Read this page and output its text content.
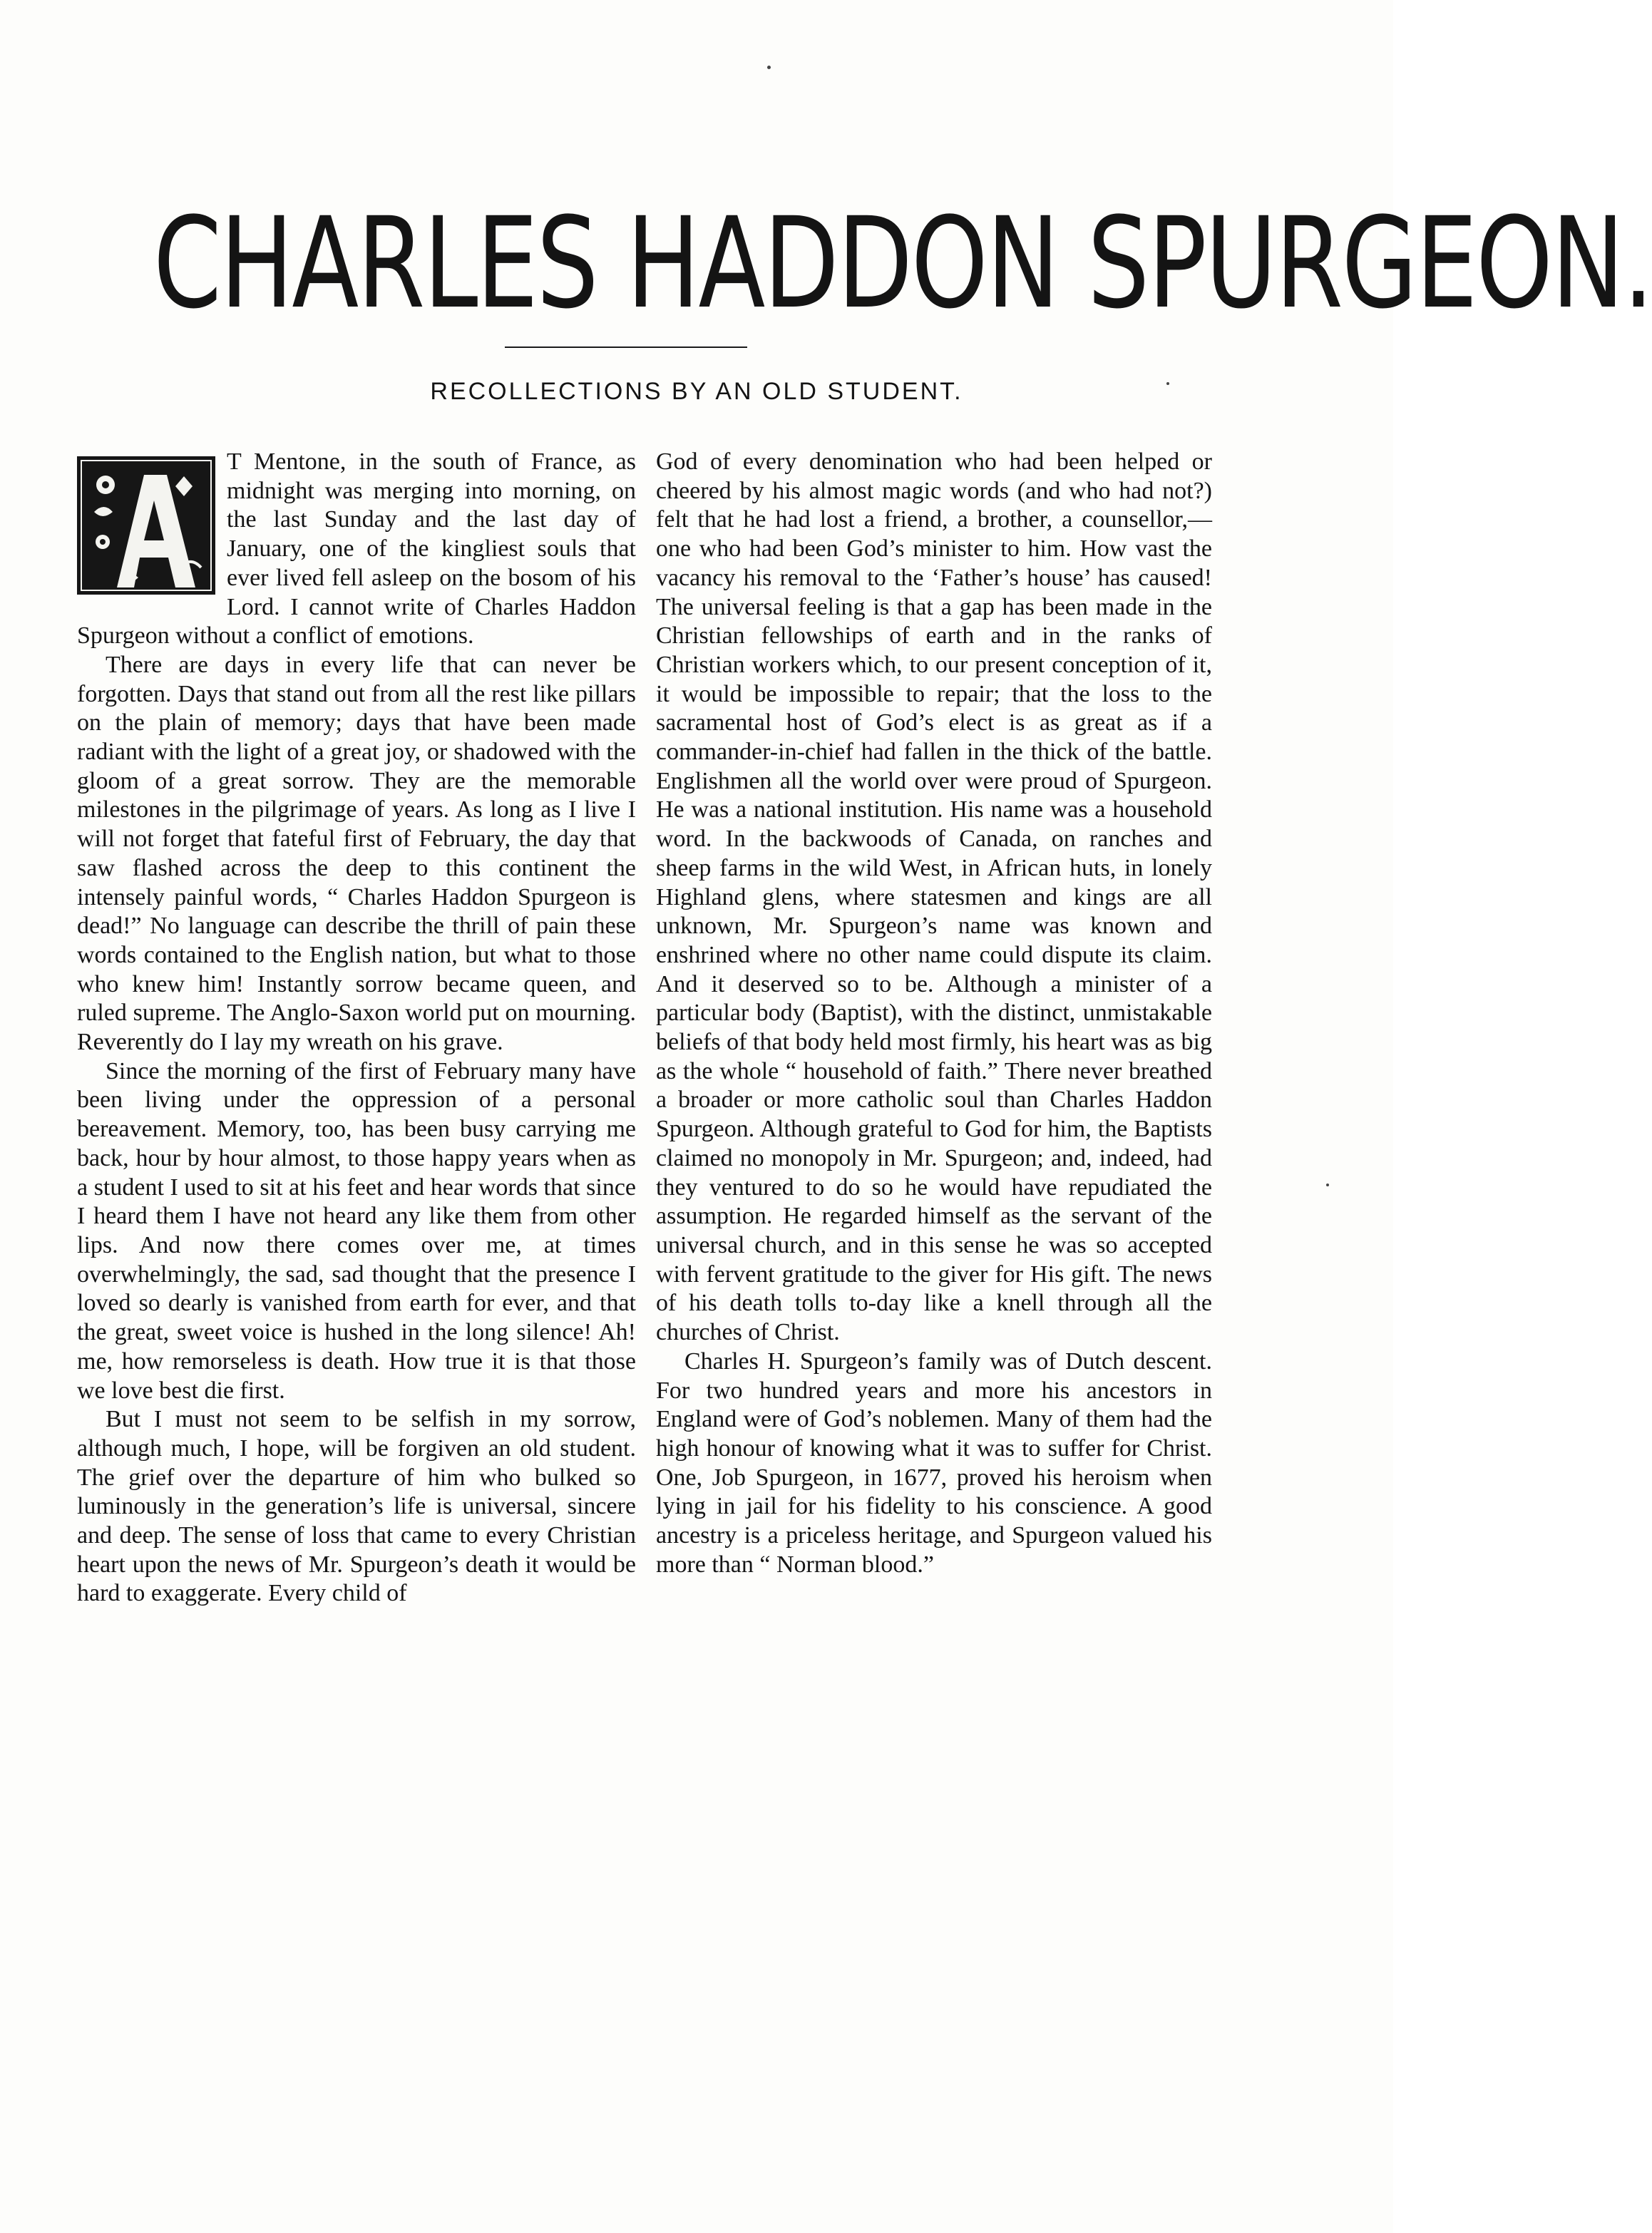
CHARLES HADDON SPURGEON.
RECOLLECTIONS BY AN OLD STUDENT.

T Mentone, in the south of France, as midnight was merging into morning, on the last Sunday and the last day of January, one of the kingliest souls that ever lived fell asleep on the bosom of his Lord. I cannot write of Charles Haddon Spurgeon without a conflict of emotions.

There are days in every life that can never be forgotten. Days that stand out from all the rest like pillars on the plain of memory; days that have been made radiant with the light of a great joy, or shadowed with the gloom of a great sorrow. They are the memorable milestones in the pilgrimage of years. As long as I live I will not forget that fateful first of February, the day that saw flashed across the deep to this continent the intensely painful words, “ Charles Haddon Spurgeon is dead!” No language can describe the thrill of pain these words contained to the English nation, but what to those who knew him! Instantly sorrow became queen, and ruled supreme. The Anglo-Saxon world put on mourning. Reverently do I lay my wreath on his grave.

Since the morning of the first of February many have been living under the oppression of a personal bereavement. Memory, too, has been busy carrying me back, hour by hour almost, to those happy years when as a student I used to sit at his feet and hear words that since I heard them I have not heard any like them from other lips. And now there comes over me, at times overwhelmingly, the sad, sad thought that the presence I loved so dearly is vanished from earth for ever, and that the great, sweet voice is hushed in the long silence! Ah! me, how remorseless is death. How true it is that those we love best die first.

But I must not seem to be selfish in my sorrow, although much, I hope, will be forgiven an old student. The grief over the departure of him who bulked so luminously in the generation’s life is universal, sincere and deep. The sense of loss that came to every Christian heart upon the news of Mr. Spurgeon’s death it would be hard to exaggerate. Every child of

God of every denomination who had been helped or cheered by his almost magic words (and who had not?) felt that he had lost a friend, a brother, a counsellor,—one who had been God’s minister to him. How vast the vacancy his removal to the ‘Father’s house’ has caused! The universal feeling is that a gap has been made in the Christian fellowships of earth and in the ranks of Christian workers which, to our present conception of it, it would be impossible to repair; that the loss to the sacramental host of God’s elect is as great as if a commander-in-chief had fallen in the thick of the battle. Englishmen all the world over were proud of Spurgeon. He was a national institution. His name was a household word. In the backwoods of Canada, on ranches and sheep farms in the wild West, in African huts, in lonely Highland glens, where statesmen and kings are all unknown, Mr. Spurgeon’s name was known and enshrined where no other name could dispute its claim. And it deserved so to be. Although a minister of a particular body (Baptist), with the distinct, unmistakable beliefs of that body held most firmly, his heart was as big as the whole “ household of faith.” There never breathed a broader or more catholic soul than Charles Haddon Spurgeon. Although grateful to God for him, the Baptists claimed no monopoly in Mr. Spurgeon; and, indeed, had they ventured to do so he would have repudiated the assumption. He regarded himself as the servant of the universal church, and in this sense he was so accepted with fervent gratitude to the giver for His gift. The news of his death tolls to-day like a knell through all the churches of Christ.

Charles H. Spurgeon’s family was of Dutch descent. For two hundred years and more his ancestors in England were of God’s noblemen. Many of them had the high honour of knowing what it was to suffer for Christ. One, Job Spurgeon, in 1677, proved his heroism when lying in jail for his fidelity to his conscience. A good ancestry is a priceless heritage, and Spurgeon valued his more than “ Norman blood.”
